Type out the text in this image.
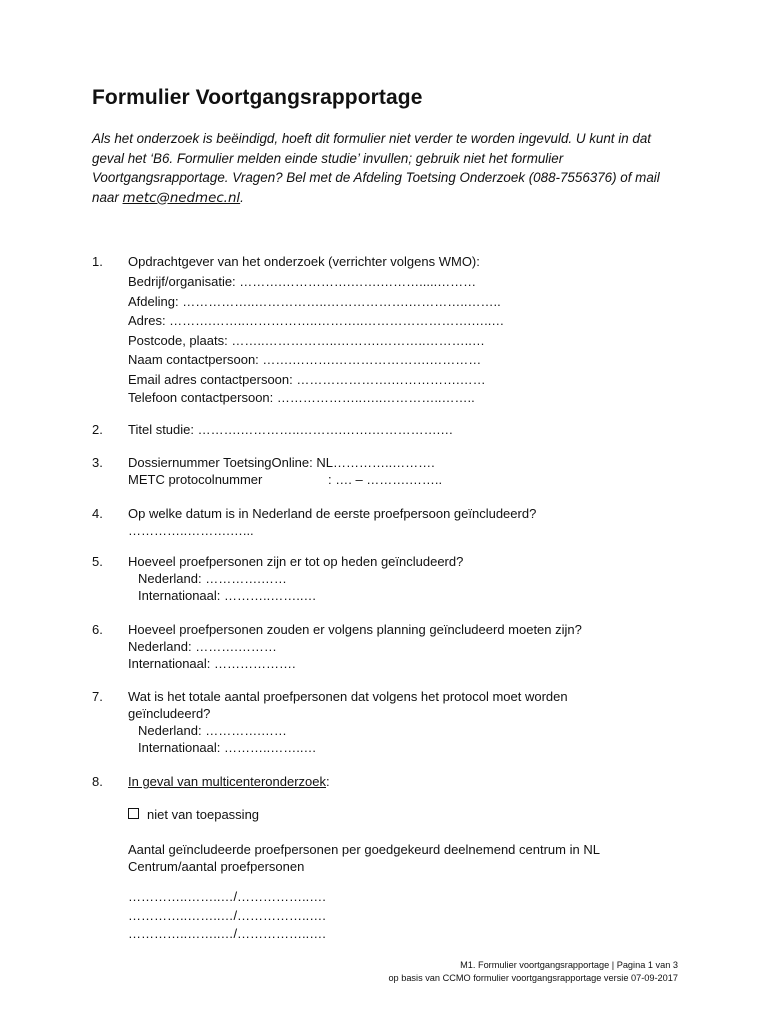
Formulier Voortgangsrapportage
Als het onderzoek is beëindigd, hoeft dit formulier niet verder te worden ingevuld. U kunt in dat geval het ‘B6. Formulier melden einde studie’ invullen; gebruik niet het formulier Voortgangsrapportage. Vragen? Bel met de Afdeling Toetsing Onderzoek (088-7556376) of mail naar metc@nedmec.nl.
1.	Opdrachtgever van het onderzoek (verrichter volgens WMO):
Bedrijf/organisatie: ……….…………….…….……….....………
Afdeling: ……………..……………..……………….…………..……..
Adres: ……….……..……………..………..…………………….…..…
Postcode, plaats: ……..……………..……….………..………..…
Naam contactpersoon: …….……….………………….…………
Email adres contactpersoon: ………………….…………….……
Telefoon contactpersoon: ………………..…..…………..……..
2.	Titel studie: ……….…………..……….…….…………….…
3.	Dossiernummer ToetsingOnline: NL…………..……….
METC protocolnummer	: …. – ……….……..
4.	Op welke datum is in Nederland de eerste proefpersoon geïncludeerd?
…………..……….…...
5.	Hoeveel proefpersonen zijn er tot op heden geïncludeerd?
Nederland: ………….……
Internationaal: ………..……..…
6.	Hoeveel proefpersonen zouden er volgens planning geïncludeerd moeten zijn?
Nederland: ……….………
Internationaal: ……………….
7.	Wat is het totale aantal proefpersonen dat volgens het protocol moet worden
geïncludeerd?
Nederland: ………….……
Internationaal: ………..……..…
8.	In geval van multicenteronderzoek:
niet van toepassing
Aantal geïncludeerde proefpersonen per goedgekeurd deelnemend centrum in NL
Centrum/aantal proefpersonen
…………..……..…/……………..….
…………..……..…/……………..….
…………..……..…/……………..….
M1. Formulier voortgangsrapportage | Pagina 1 van 3
op basis van CCMO formulier voortgangsrapportage versie 07-09-2017
